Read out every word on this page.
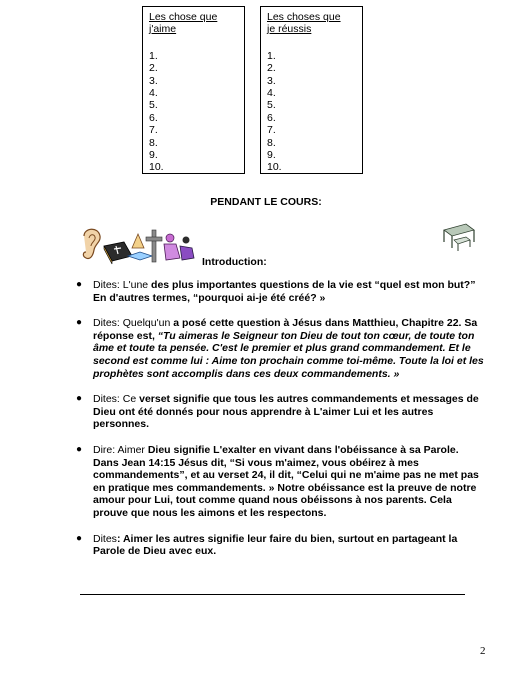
Les chose que
j'aime
1.
2.
3.
4.
5.
6.
7.
8.
9.
10.
Les choses que
je réussis
1.
2.
3.
4.
5.
6.
7.
8.
9.
10.
PENDANT LE COURS:
Introduction:
● Dites: L'une des plus importantes questions de la vie est “quel est mon but?” En d'autres termes, “pourquoi ai-je été créé? »
● Dites: Quelqu'un a posé cette question à Jésus dans Matthieu, Chapitre 22. Sa réponse est, “Tu aimeras le Seigneur ton Dieu de tout ton cœur, de toute ton âme et toute ta pensée. C'est le premier et plus grand commandement. Et le second est comme lui : Aime ton prochain comme toi-même. Toute la loi et les prophètes sont accomplis dans ces deux commandements. »
● Dites: Ce verset signifie que tous les autres commandements et messages de Dieu ont été donnés pour nous apprendre à L'aimer Lui et les autres personnes.
● Dire: Aimer Dieu signifie L'exalter en vivant dans l'obéissance à sa Parole. Dans Jean 14:15 Jésus dit, “Si vous m'aimez, vous obéirez à mes commandements”, et au verset 24, il dit, “Celui qui ne m'aime pas ne met pas en pratique mes commandements. » Notre obéissance est la preuve de notre amour pour Lui, tout comme quand nous obéissons à nos parents. Cela prouve que nous les aimons et les respectons.
● Dites: Aimer les autres signifie leur faire du bien, surtout en partageant la Parole de Dieu avec eux.
2
